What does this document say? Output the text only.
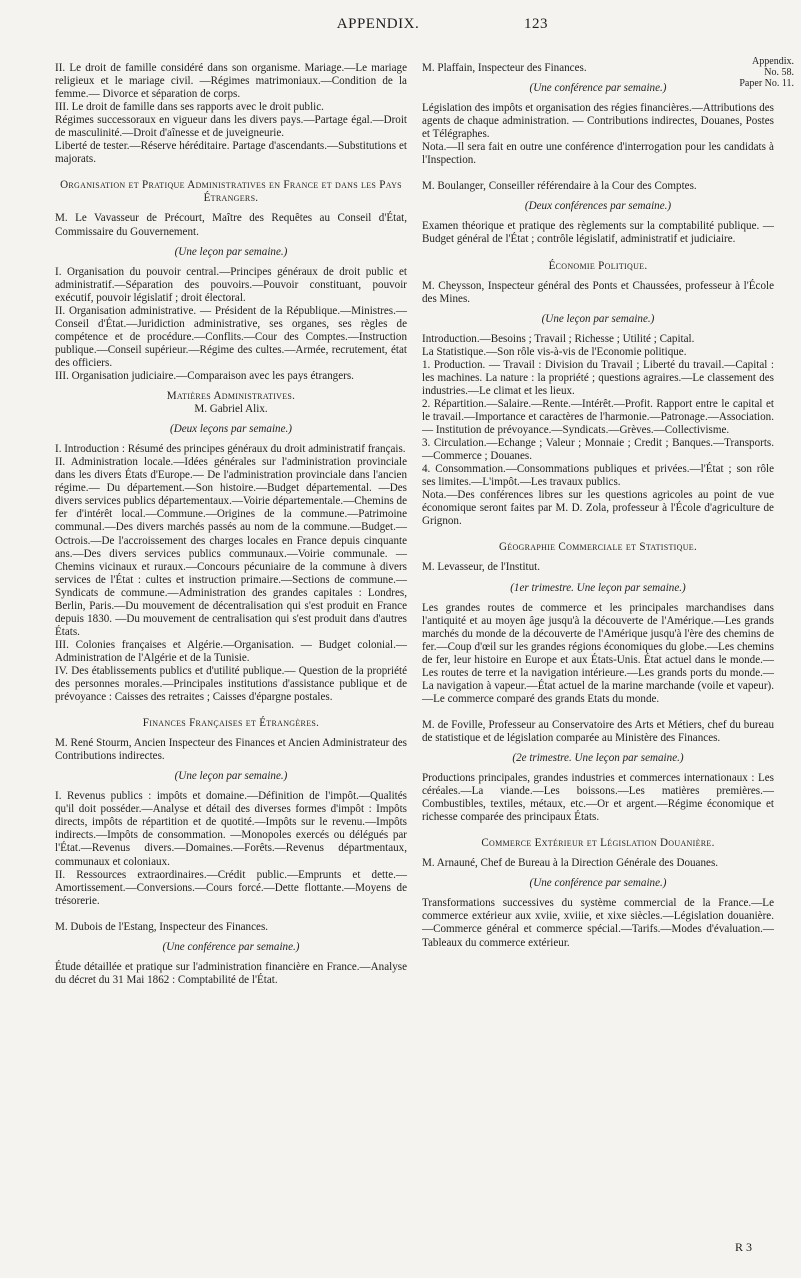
APPENDIX.	123
Appendix.
No. 58.
Paper No. 11.

II. Le droit de famille considéré dans son organisme. Mariage.—Le mariage religieux et le mariage civil. —Régimes matrimoniaux.—Condition de la femme.— Divorce et séparation de corps.

III. Le droit de famille dans ses rapports avec le droit public.

Régimes successoraux en vigueur dans les divers pays.—Partage égal.—Droit de masculinité.—Droit d'aînesse et de juveigneurie.

Liberté de tester.—Réserve héréditaire. Partage d'ascendants.—Substitutions et majorats.

Organisation et Pratique Administratives en France et dans les Pays Étrangers.

M. Le Vavasseur de Précourt, Maître des Requêtes au Conseil d'État, Commissaire du Gouvernement.

(Une leçon par semaine.)

I. Organisation du pouvoir central.—Principes généraux de droit public et administratif.—Séparation des pouvoirs.—Pouvoir constituant, pouvoir exécutif, pouvoir législatif ; droit électoral.

II. Organisation administrative. — Président de la République.—Ministres.—Conseil d'État.—Juridiction administrative, ses organes, ses règles de compétence et de procédure.—Conflits.—Cour des Comptes.—Instruction publique.—Conseil supérieur.—Régime des cultes.—Armée, recrutement, état des officiers.

III. Organisation judiciaire.—Comparaison avec les pays étrangers.

Matières Administratives.

M. Gabriel Alix.

(Deux leçons par semaine.)

I. Introduction : Résumé des principes généraux du droit administratif français.

II. Administration locale.—Idées générales sur l'administration provinciale dans les divers États d'Europe.— De l'administration provinciale dans l'ancien régime.— Du département.—Son histoire.—Budget départemental. —Des divers services publics départementaux.—Voirie départementale.—Chemins de fer d'intérêt local.—Commune.—Origines de la commune.—Patrimoine communal.—Des divers marchés passés au nom de la commune.—Budget.—Octrois.—De l'accroissement des charges locales en France depuis cinquante ans.—Des divers services publics communaux.—Voirie communale. —Chemins vicinaux et ruraux.—Concours pécuniaire de la commune à divers services de l'État : cultes et instruction primaire.—Sections de commune.—Syndicats de commune.—Administration des grandes capitales : Londres, Berlin, Paris.—Du mouvement de décentralisation qui s'est produit en France depuis 1830. —Du mouvement de centralisation qui s'est produit dans d'autres États.

III. Colonies françaises et Algérie.—Organisation. — Budget colonial.—Administration de l'Algérie et de la Tunisie.

IV. Des établissements publics et d'utilité publique.— Question de la propriété des personnes morales.—Principales institutions d'assistance publique et de prévoyance : Caisses des retraites ; Caisses d'épargne postales.

Finances Françaises et Étrangères.

M. René Stourm, Ancien Inspecteur des Finances et Ancien Administrateur des Contributions indirectes.

(Une leçon par semaine.)

I. Revenus publics : impôts et domaine.—Définition de l'impôt.—Qualités qu'il doit posséder.—Analyse et détail des diverses formes d'impôt : Impôts directs, impôts de répartition et de quotité.—Impôts sur le revenu.—Impôts indirects.—Impôts de consommation. —Monopoles exercés ou délégués par l'État.—Revenus divers.—Domaines.—Forêts.—Revenus départmentaux, communaux et coloniaux.

II. Ressources extraordinaires.—Crédit public.—Emprunts et dette.—Amortissement.—Conversions.—Cours forcé.—Dette flottante.—Moyens de trésorerie.

M. Dubois de l'Estang, Inspecteur des Finances.

(Une conférence par semaine.)

Étude détaillée et pratique sur l'administration financière en France.—Analyse du décret du 31 Mai 1862 : Comptabilité de l'État.

M. Plaffain, Inspecteur des Finances.

(Une conférence par semaine.)

Législation des impôts et organisation des régies financières.—Attributions des agents de chaque administration. — Contributions indirectes, Douanes, Postes et Télégraphes.

Nota.—Il sera fait en outre une conférence d'interrogation pour les candidats à l'Inspection.

M. Boulanger, Conseiller référendaire à la Cour des Comptes.

(Deux conférences par semaine.)

Examen théorique et pratique des règlements sur la comptabilité publique. — Budget général de l'État ; contrôle législatif, administratif et judiciaire.

Économie Politique.

M. Cheysson, Inspecteur général des Ponts et Chaussées, professeur à l'École des Mines.

(Une leçon par semaine.)

Introduction.—Besoins ; Travail ; Richesse ; Utilité ; Capital.

La Statistique.—Son rôle vis-à-vis de l'Economie politique.

1. Production. — Travail : Division du Travail ; Liberté du travail.—Capital : les machines. La nature : la propriété ; questions agraires.—Le classement des industries.—Le climat et les lieux.

2. Répartition.—Salaire.—Rente.—Intérêt.—Profit. Rapport entre le capital et le travail.—Importance et caractères de l'harmonie.—Patronage.—Association.— Institution de prévoyance.—Syndicats.—Grèves.—Collectivisme.

3. Circulation.—Echange ; Valeur ; Monnaie ; Credit ; Banques.—Transports.—Commerce ; Douanes.

4. Consommation.—Consommations publiques et privées.—l'État ; son rôle ses limites.—L'impôt.—Les travaux publics.

Nota.—Des conférences libres sur les questions agricoles au point de vue économique seront faites par M. D. Zola, professeur à l'École d'agriculture de Grignon.

Géographie Commerciale et Statistique.

M. Levasseur, de l'Institut.

(1er trimestre. Une leçon par semaine.)

Les grandes routes de commerce et les principales marchandises dans l'antiquité et au moyen âge jusqu'à la découverte de l'Amérique.—Les grands marchés du monde de la découverte de l'Amérique jusqu'à l'ère des chemins de fer.—Coup d'œil sur les grandes régions économiques du globe.—Les chemins de fer, leur histoire en Europe et aux États-Unis. État actuel dans le monde.—Les routes de terre et la navigation intérieure.—Les grands ports du monde.—La navigation à vapeur.—État actuel de la marine marchande (voile et vapeur).—Le commerce comparé des grands Etats du monde.

M. de Foville, Professeur au Conservatoire des Arts et Métiers, chef du bureau de statistique et de législation comparée au Ministère des Finances.

(2e trimestre. Une leçon par semaine.)

Productions principales, grandes industries et commerces internationaux : Les céréales.—La viande.—Les boissons.—Les matières premières.—Combustibles, textiles, métaux, etc.—Or et argent.—Régime économique et richesse comparée des principaux États.

Commerce Extérieur et Législation Douanière.

M. Arnauné, Chef de Bureau à la Direction Générale des Douanes.

(Une conférence par semaine.)

Transformations successives du système commercial de la France.—Le commerce extérieur aux xviie, xviiie, et xixe siècles.—Législation douanière.—Commerce général et commerce spécial.—Tarifs.—Modes d'évaluation.—Tableaux du commerce extérieur.

R 3
